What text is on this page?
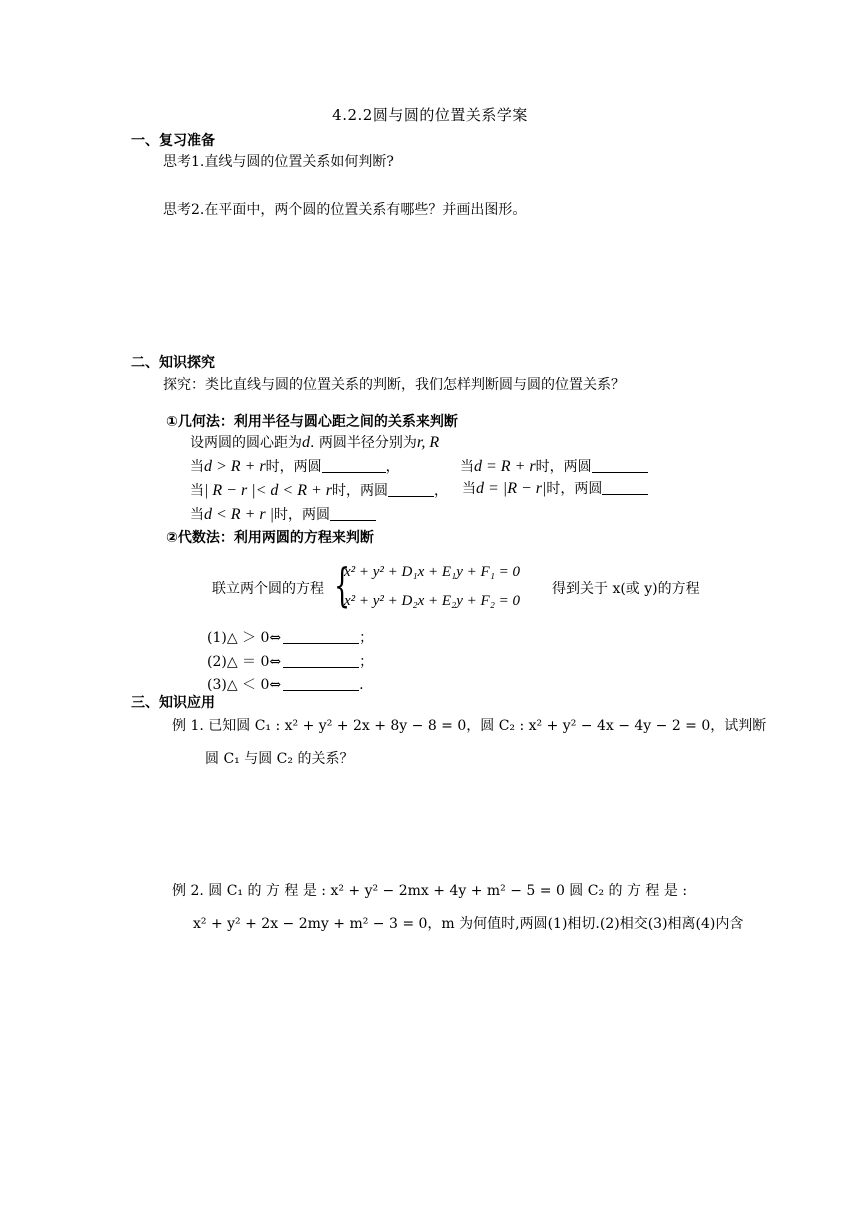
4.2.2圆与圆的位置关系学案
一、复习准备
思考1.直线与圆的位置关系如何判断?
思考2.在平面中，两个圆的位置关系有哪些？并画出图形。
二、知识探究
探究：类比直线与圆的位置关系的判断，我们怎样判断圆与圆的位置关系？
①几何法：利用半径与圆心距之间的关系来判断
设两圆的圆心距为d. 两圆半径分别为r, R
当d > R + r时，两圆	，	当d = R + r时，两圆
当| R − r |< d < R + r时，两圆	， 当d = |R − r|时，两圆
当d < R + r |时，两圆
②代数法：利用两圆的方程来判断
联立两个圆的方程 {
x² + y² + D₁x + E₁y + F₁ = 0
x² + y² + D₂x + E₂y + F₂ = 0
得到关于 x(或 y)的方程
(1)△ ＞ 0⇔	；
(2)△ ＝ 0⇔	；
(3)△ ＜ 0⇔	.
三、知识应用
例 1. 已知圆 C₁ : x² + y² + 2x + 8y − 8 = 0，圆 C₂ : x² + y² − 4x − 4y − 2 = 0，试判断
圆 C₁ 与圆 C₂ 的关系？
例 2. 圆 C₁ 的 方 程 是 : x² + y² − 2mx + 4y + m² − 5 = 0 圆 C₂ 的 方 程 是 :
x² + y² + 2x − 2my + m² − 3 = 0，m 为何值时,两圆(1)相切.(2)相交(3)相离(4)内含
